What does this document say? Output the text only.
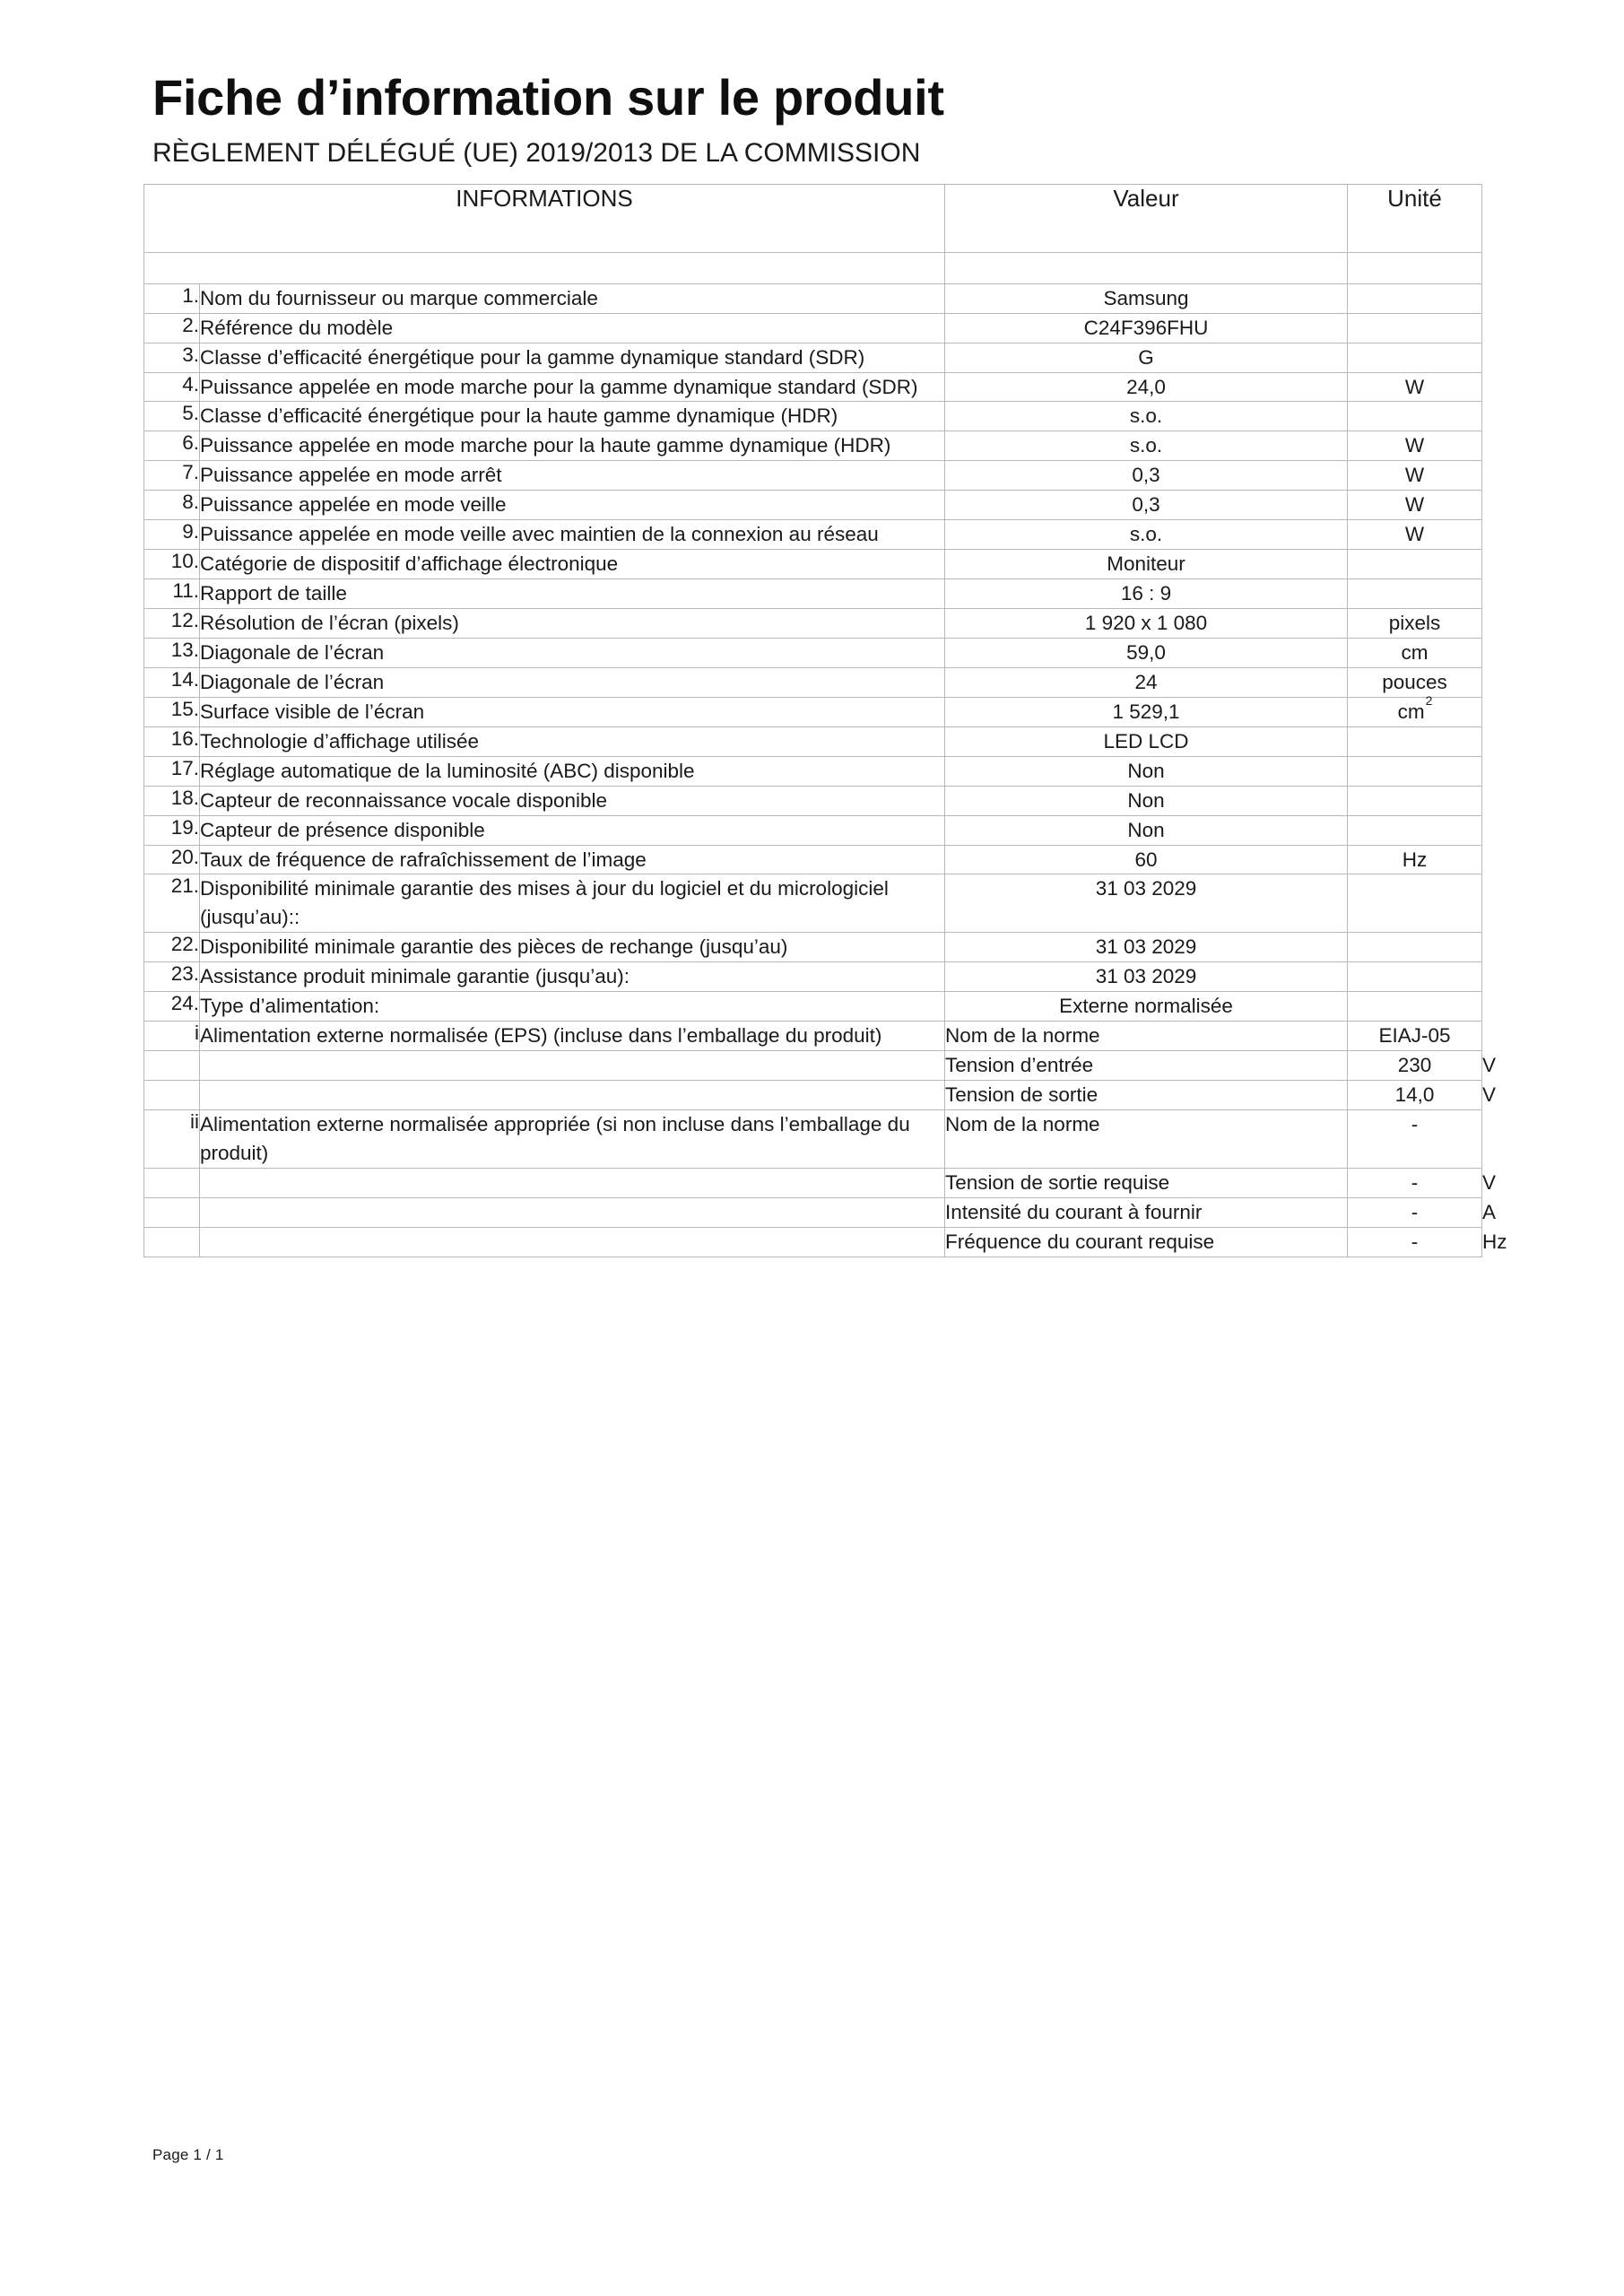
Fiche d’information sur le produit
RÈGLEMENT DÉLÉGUÉ (UE) 2019/2013 DE LA COMMISSION
INFORMATIONS		Valeur	Unité	

1.	Nom du fournisseur ou marque commerciale	Samsung		
2.	Référence du modèle	C24F396FHU		
3.	Classe d’efficacité énergétique pour la gamme dynamique standard (SDR)	G		
4.	Puissance appelée en mode marche pour la gamme dynamique standard (SDR)	24,0	W	
5.	Classe d’efficacité énergétique pour la haute gamme dynamique (HDR)	s.o.		
6.	Puissance appelée en mode marche pour la haute gamme dynamique (HDR)	s.o.	W	
7.	Puissance appelée en mode arrêt	0,3	W	
8.	Puissance appelée en mode veille	0,3	W	
9.	Puissance appelée en mode veille avec maintien de la connexion au réseau	s.o.	W	
10.	Catégorie de dispositif d’affichage électronique	Moniteur		
11.	Rapport de taille	16 : 9		
12.	Résolution de l’écran (pixels)	1 920 x 1 080	pixels	
13.	Diagonale de l’écran	59,0	cm	
14.	Diagonale de l’écran	24	pouces	
15.	Surface visible de l’écran	1 529,1	$cm^2$
16.	Technologie d’affichage utilisée	LED LCD		
17.	Réglage automatique de la luminosité (ABC) disponible	Non		
18.	Capteur de reconnaissance vocale disponible	Non		
19.	Capteur de présence disponible	Non		
20.	Taux de fréquence de rafraîchissement de l’image	60	Hz	
21.	Disponibilité minimale garantie des mises à jour du logiciel et du micrologiciel (jusqu’au)::	31 03 2029		
22.	Disponibilité minimale garantie des pièces de rechange (jusqu’au)	31 03 2029		
23.	Assistance produit minimale garantie (jusqu’au):	31 03 2029		
24.	Type d’alimentation:	Externe normalisée		
i	Alimentation externe normalisée (EPS) (incluse dans l’emballage du produit)	Nom de la norme	EIAJ-05	
		Tension d’entrée	230	V
		Tension de sortie	14,0	V
ii	Alimentation externe normalisée appropriée (si non incluse dans l’emballage du produit)	Nom de la norme	-	
		Tension de sortie requise	-	V
		Intensité du courant à fournir	-	A
		Fréquence du courant requise	-	Hz
Page 1 / 1
